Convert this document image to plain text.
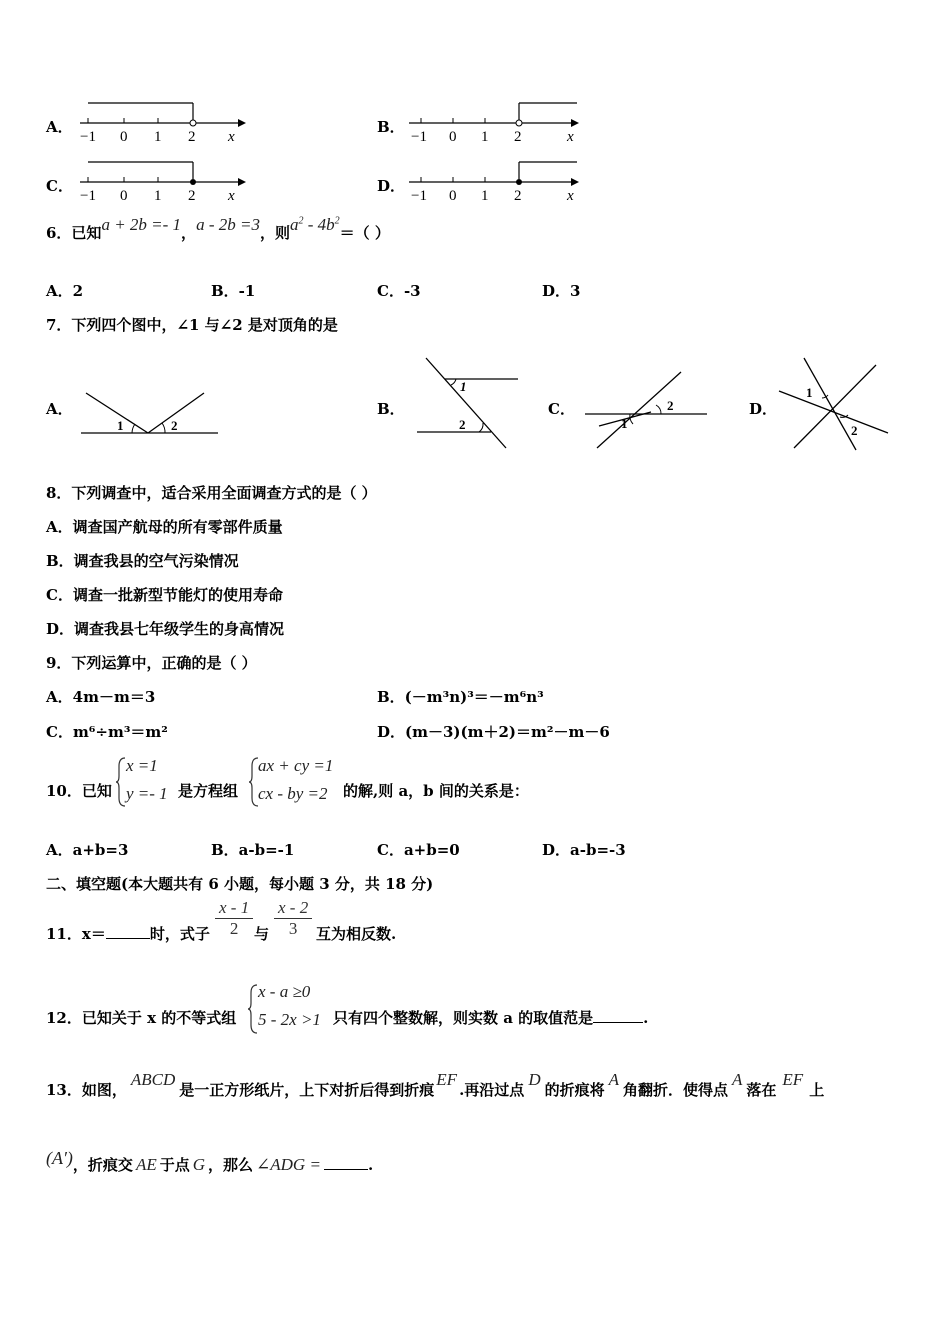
A．
−1 0 1 2 x
B．
−1 0 1 2	x
C．
−1 0 1 2 x
D．
−1 0 1 2	x
6．已知a + 2b =- 1，a - 2b =3，则$a^2 - 4b^2=$（ ）
A．2	B．-1	C．-3	D．3
7．下列四个图中，∠1 与∠2 是对顶角的是
A．
1	2
B．
1
2
C．
1
2	D．
1
2
8．下列调查中，适合采用全面调查方式的是（ ）
A．调查国产航母的所有零部件质量
B．调查我县的空气污染情况
C．调查一批新型节能灯的使用寿命
D．调查我县七年级学生的身高情况
9．下列运算中，正确的是（ ）
A．4m－m＝3	B．(－m³n)³＝－m⁶n³
C．m⁶÷m³＝m²	D．(m－3)(m＋2)＝m²－m－6
10．已知
x =1
y =- 1 是方程组
ax + cy =1
cx - by =2 的解,则 a，b 间的关系是：
A．a+b=3	B．a-b=-1	C．a+b=0	D．a-b=-3
二、填空题(本大题共有 6 小题，每小题 3 分，共 18 分)
11．x＝	时，式子 $\frac{x - 1}{2}$ 与 $\frac{x - 2}{3}$ 互为相反数.
12．已知关于 x 的不等式组
x - a ≥0
5 - 2x >1 只有四个整数解，则实数 a 的取值范是	.
13．如图，ABCD是一正方形纸片，上下对折后得到折痕EF.再沿过点D的折痕将A角翻折．使得点A落在EF上
(A′)，折痕交 AE 于点 G ，那么 ∠ADG =	.
